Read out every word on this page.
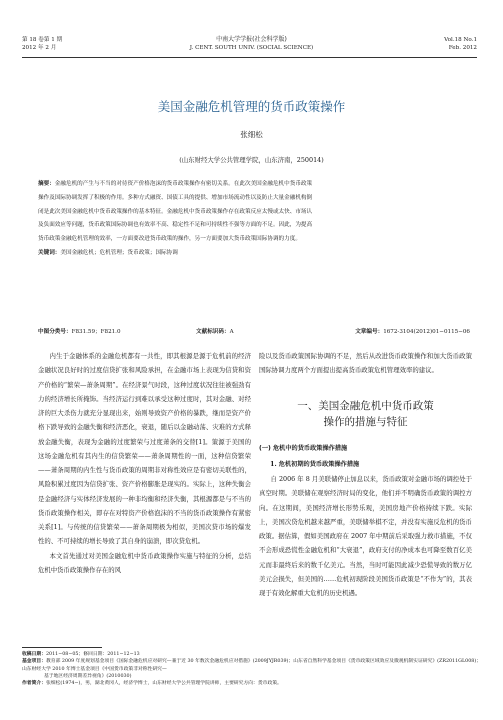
第 18 卷第 1 期
2012 年 2 月
中南大学学报(社会科学版)
J. CENT. SOUTH UNIV. (SOCIAL SCIENCE)
Vol.18 No.1
Feb. 2012
美国金融危机管理的货币政策操作
张细松
(山东财经大学公共管理学院，山东济南，250014)
摘要：金融危机的产生与不当的对待资产价格泡沫的货币政策操作有密切关系。在此次美国金融危机中货币政策
操作及国际协调发挥了积极的作用。多种方式融资、国债工具的提供、增加市场流动性以及防止大量金融机构倒
闭是此次美国金融危机中货币政策操作的基本特征。金融危机中货币政策操作存在政策反应太慢或太快、市场认
及负面效应等问题，货币政策国际协调也有效率不高、稳定性不足和可持续性不强等方面的不足。因此，为提高
货币政策金融危机管理的效率，一方面要改进货币政策的操作，另一方面要加大货币政策国际协调的力度。
关键词：美国金融危机；危机管理；货币政策；国际协调
中图分类号：F831.59；F821.0	文献标识码：A	文章编号：1672-3104(2012)01−0115−06

内生于金融体系的金融危机都有一共性，即其根源是源于危机前的经济金融状况良好时的过度信贷扩张和风险承担，在金融市场上表现为信贷和资产价格的“繁荣—萧条周期”。在经济景气时段，这种过度状况往往被强劲有力的经济增长所掩饰。当经济运行到难以承受这种过度时，其对金融、对经济的巨大杀伤力就充分显现出来，始则导致资产价格的暴跌，继而是资产价格下跌导致的金融失衡和经济恶化，衰退，随后以金融动荡、灾难的方式释放金融失衡，表现为金融的过度繁荣与过度萧条的交替[1]。策源于美国的这场金融危机有其内生的信贷繁荣——萧条周期性的一面，这种信贷繁荣——萧条周期的内生性与货币政策的周期非对称性效应是有密切关联性的，风险积累过度因为信贷扩张、资产价格膨胀是现实的。实际上，这种失衡会是金融经济与实体经济发展的一种非均衡和经济失衡，其根源都是与不当的货币政策操作相关，即存在对特资产价格泡沫的不当的货币政策操作有紧密关系[1]。与传统的信贷繁荣——萧条周期极为相似，美国次贷市场的爆发性的、不可持续的增长导致了其自身的崩溃，即次贷危机。

本文首先通过对美国金融危机中货币政策操作实施与特征的分析，总结危机中货币政策操作存在的风

险以及货币政策国际协调的不足，然后从改进货币政策操作和加大货币政策国际协调力度两个方面提出提高货币政策危机管理效率的建议。

一、美国金融危机中货币政策
操作的措施与特征
(一) 危机中的货币政策操作措施
1. 危机初期的货币政策操作措施

自 2006 年 8 月美联储停止加息以来，货币政策对金融市场的调控处于真空时期。美联储在观察经济时局的变化，他们并不明确货币政策的调控方向。在这期间，美国经济增长形势乐观，美国房地产价格持续下跌。实际上，美国次贷危机越来越严重，美联储举棋不定，并没有实施反危机的货币政策。据估算，假如美国政府在 2007 年中期前后采取强力救市措施，不仅不会形成恐慌性金融危机和“大衰退”，政府支付的净成本也可降至数百亿美元而非最终后来的数千亿美元。当然，当时可能因此减少恐慌导致的数万亿美元会损失，但美国的……危机初现阶段美国货币政策是“不作为”的，其表现于有效化解重大危机的历史机遇。

收稿日期：2011−08−05；修回日期：2011−12−13
基金项目：教育部 2009 年度规划基金项目《国际金融危机应对研究—兼于近 30 年数次金融危机应对措施》(2009JYJR039)；山东省自然科学基金项目《货币政策区域效应及微观机制实证研究》(ZR2011GL008)；山东财经大学 2010 年博士基金项目《中国货币政策非对称性研究—
基于地区经济周期差异视角》(2010030)
作者简介：张细松(1974−)，男，湖北黄冈人，经济学博士，山东财经大学公共管理学院讲师，主要研究方向：货币政策。
